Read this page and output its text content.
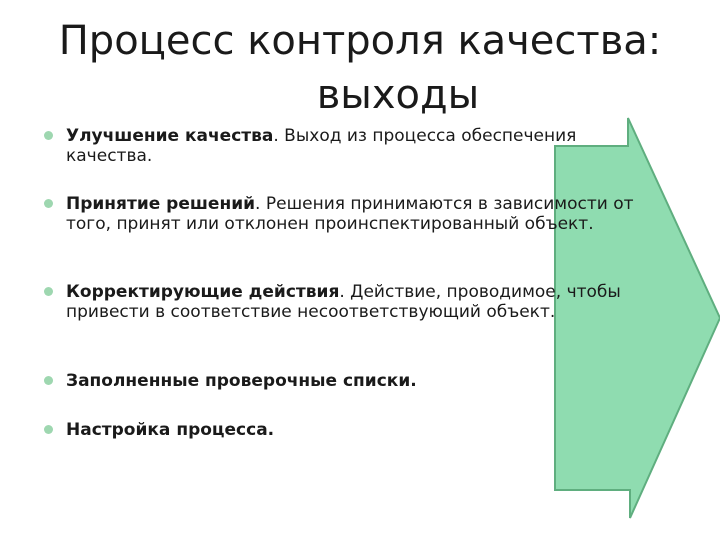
Процесс контроля качества:
выходы
Улучшение качества. Выход из процесса обеспечения качества.
Принятие решений. Решения принимаются в зависимости от того, принят или отклонен проинспектированный объект.
Корректирующие действия. Действие, проводимое, чтобы привести в соответствие несоответствующий объект.
Заполненные проверочные списки.
Настройка процесса.
